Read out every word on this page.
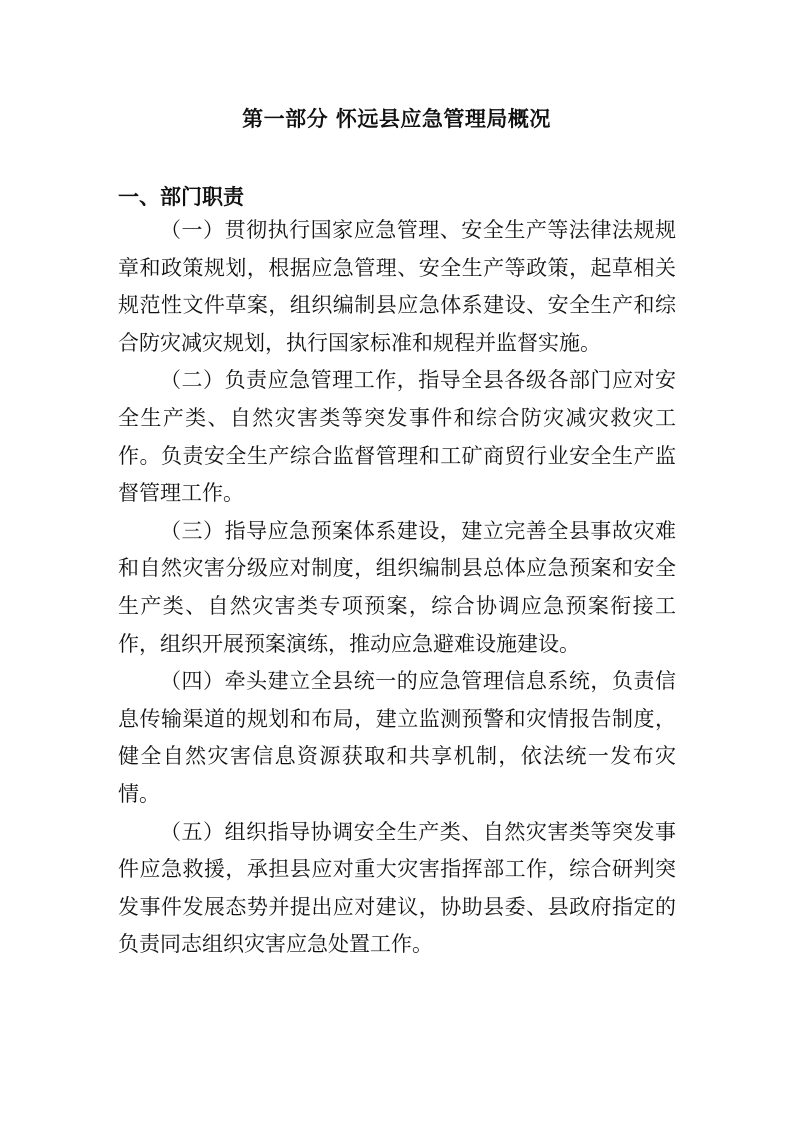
第一部分 怀远县应急管理局概况
一、部门职责

（一）贯彻执行国家应急管理、安全生产等法律法规规章和政策规划，根据应急管理、安全生产等政策，起草相关规范性文件草案，组织编制县应急体系建设、安全生产和综合防灾减灾规划，执行国家标准和规程并监督实施。

（二）负责应急管理工作，指导全县各级各部门应对安全生产类、自然灾害类等突发事件和综合防灾减灾救灾工作。负责安全生产综合监督管理和工矿商贸行业安全生产监督管理工作。

（三）指导应急预案体系建设，建立完善全县事故灾难和自然灾害分级应对制度，组织编制县总体应急预案和安全生产类、自然灾害类专项预案，综合协调应急预案衔接工作，组织开展预案演练，推动应急避难设施建设。

（四）牵头建立全县统一的应急管理信息系统，负责信息传输渠道的规划和布局，建立监测预警和灾情报告制度，健全自然灾害信息资源获取和共享机制，依法统一发布灾情。

（五）组织指导协调安全生产类、自然灾害类等突发事件应急救援，承担县应对重大灾害指挥部工作，综合研判突发事件发展态势并提出应对建议，协助县委、县政府指定的负责同志组织灾害应急处置工作。
